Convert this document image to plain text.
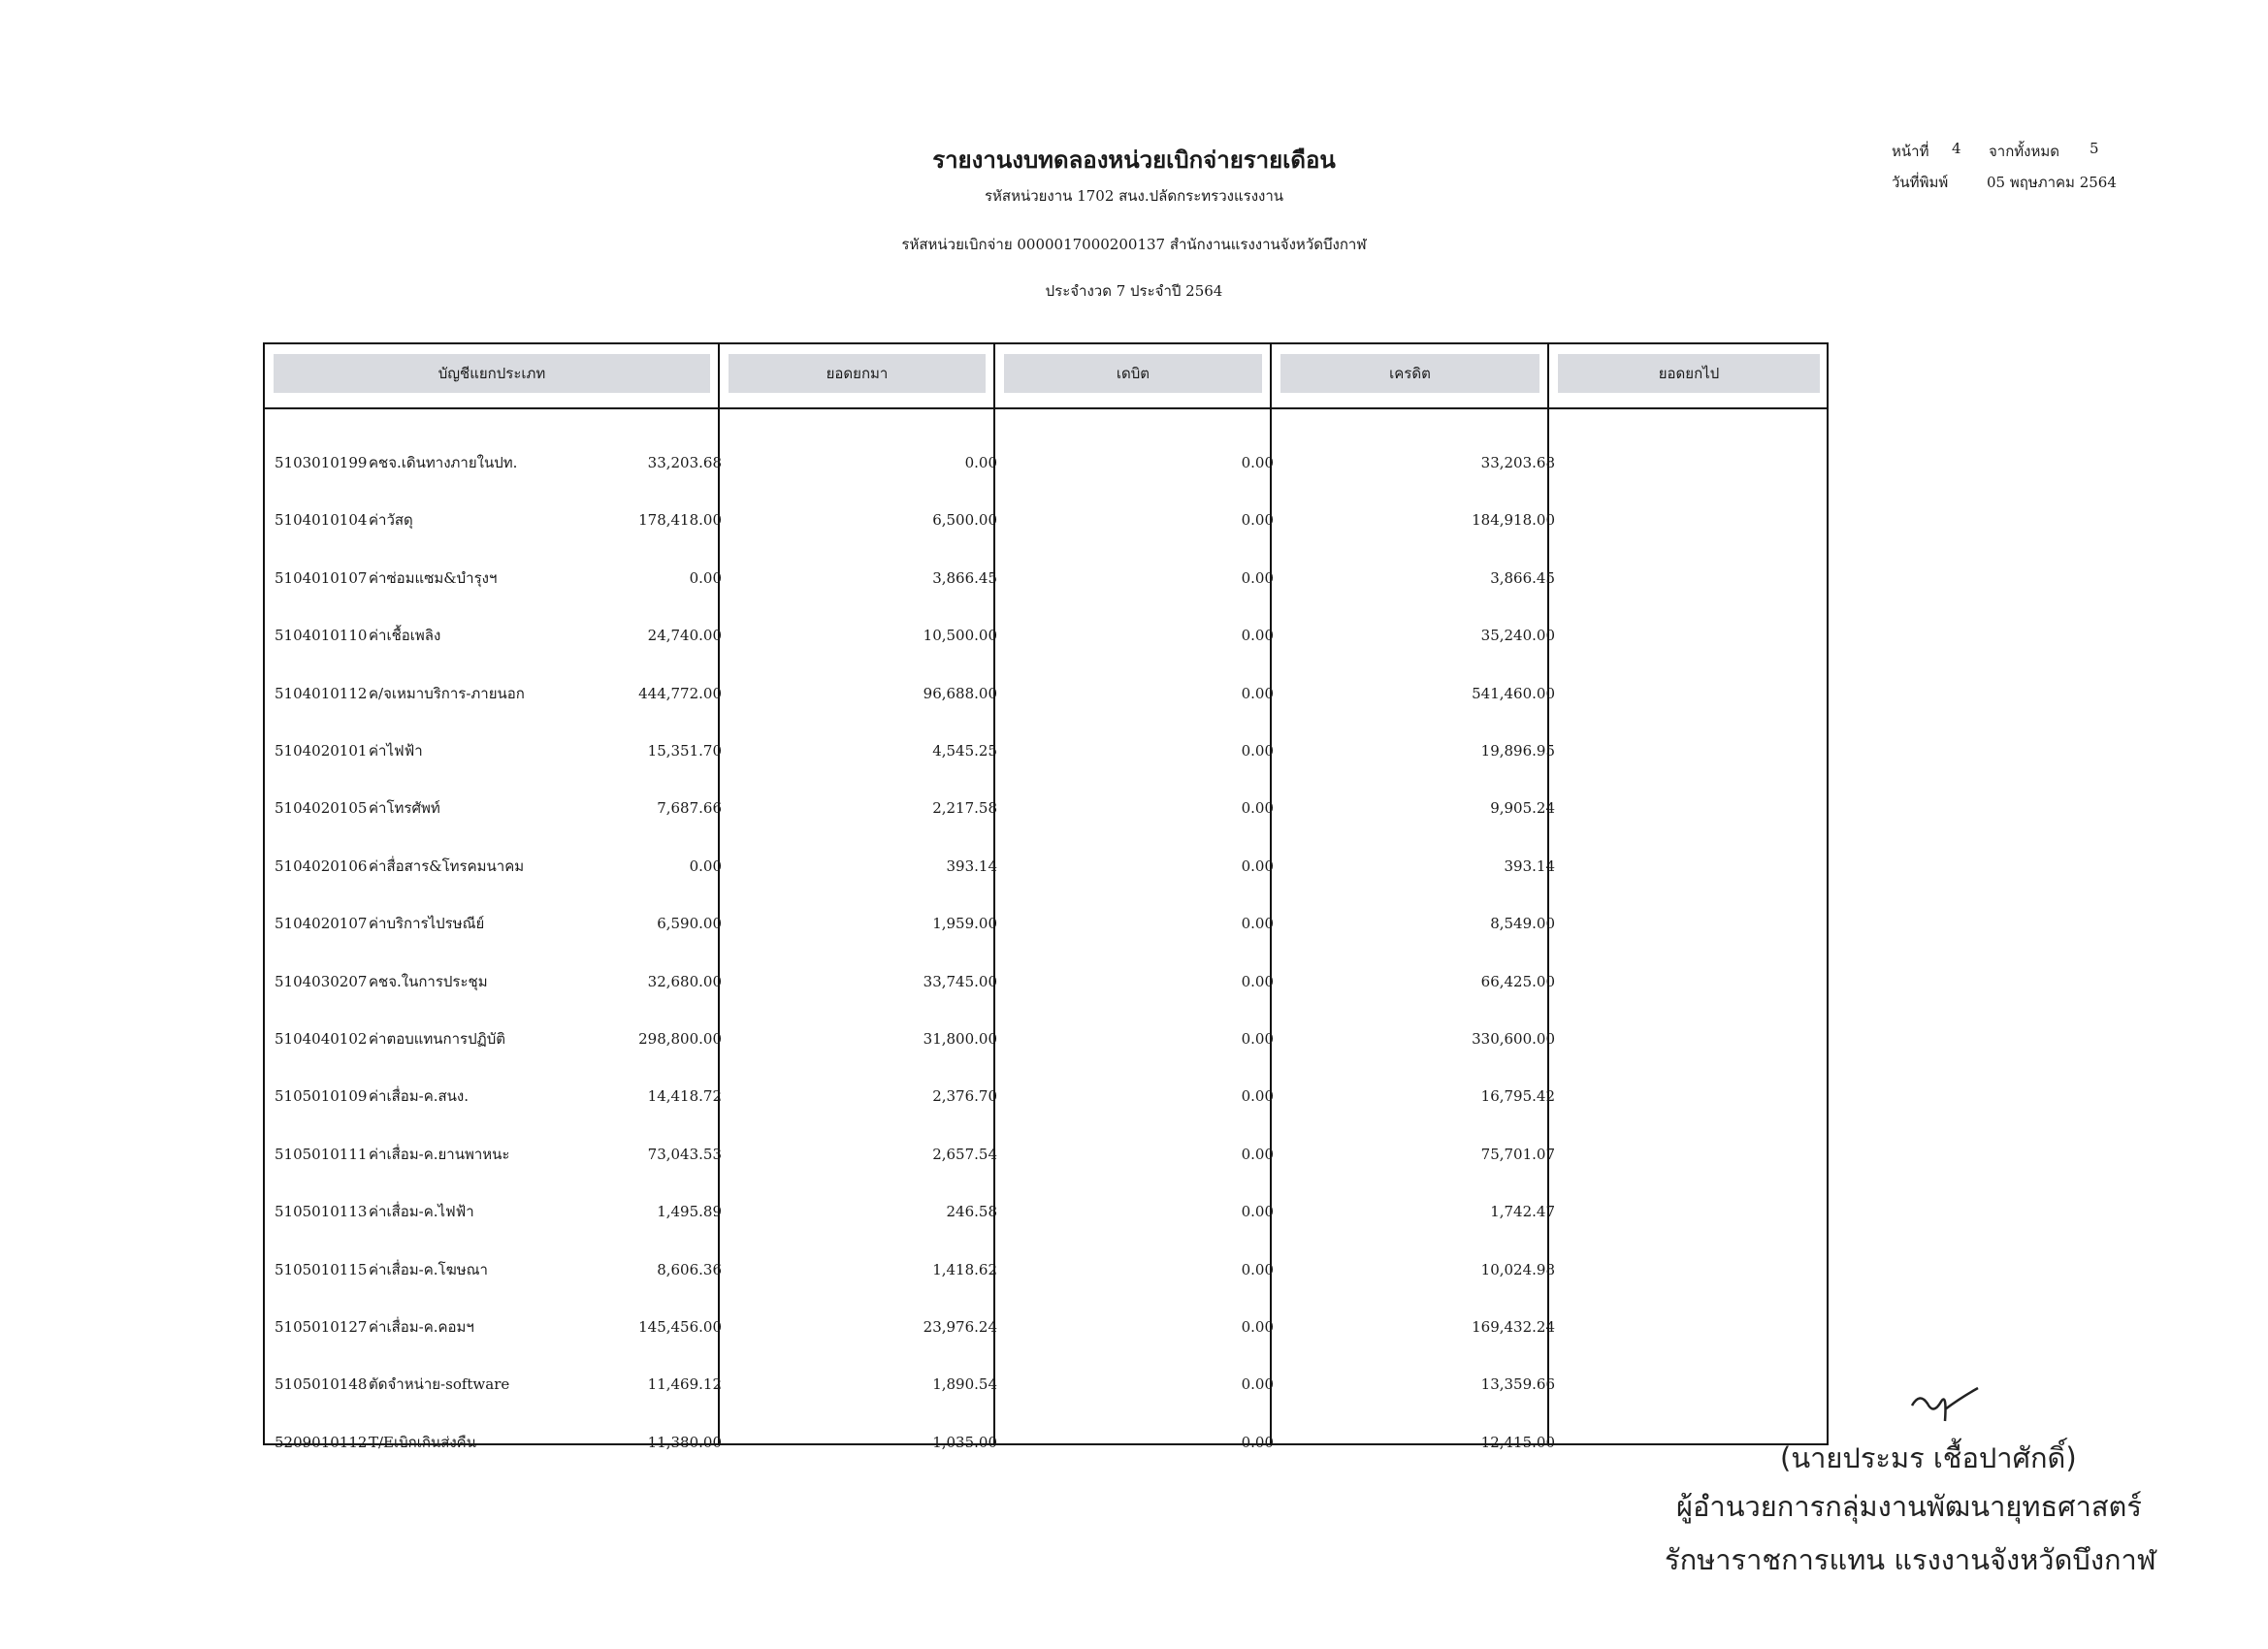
รายงานงบทดลองหน่วยเบิกจ่ายรายเดือน
รหัสหน่วยงาน 1702 สนง.ปลัดกระทรวงแรงงาน
รหัสหน่วยเบิกจ่าย 0000017000200137 สำนักงานแรงงานจังหวัดบึงกาฬ
ประจำงวด 7 ประจำปี 2564
หน้าที่ 4 จากทั้งหมด 5
วันที่พิมพ์	05 พฤษภาคม 2564
บัญชีแยกประเภท	ยอดยกมา	เดบิต	เครดิต	ยอดยกไป
5103010199 คชจ.เดินทางภายในปท.	33,203.68	0.00	0.00	33,203.68
5104010104 ค่าวัสดุ	178,418.00	6,500.00	0.00	184,918.00
5104010107 ค่าซ่อมแซม&บำรุงฯ	0.00	3,866.45	0.00	3,866.45
5104010110 ค่าเชื้อเพลิง	24,740.00	10,500.00	0.00	35,240.00
5104010112 ค/จเหมาบริการ-ภายนอก	444,772.00	96,688.00	0.00	541,460.00
5104020101 ค่าไฟฟ้า	15,351.70	4,545.25	0.00	19,896.95
5104020105 ค่าโทรศัพท์	7,687.66	2,217.58	0.00	9,905.24
5104020106 ค่าสื่อสาร&โทรคมนาคม	0.00	393.14	0.00	393.14
5104020107 ค่าบริการไปรษณีย์	6,590.00	1,959.00	0.00	8,549.00
5104030207 คชจ.ในการประชุม	32,680.00	33,745.00	0.00	66,425.00
5104040102 ค่าตอบแทนการปฏิบัติ	298,800.00	31,800.00	0.00	330,600.00
5105010109 ค่าเสื่อม-ค.สนง.	14,418.72	2,376.70	0.00	16,795.42
5105010111 ค่าเสื่อม-ค.ยานพาหนะ	73,043.53	2,657.54	0.00	75,701.07
5105010113 ค่าเสื่อม-ค.ไฟฟ้า	1,495.89	246.58	0.00	1,742.47
5105010115 ค่าเสื่อม-ค.โฆษณา	8,606.36	1,418.62	0.00	10,024.98
5105010127 ค่าเสื่อม-ค.คอมฯ	145,456.00	23,976.24	0.00	169,432.24
5105010148 ตัดจำหน่าย-software	11,469.12	1,890.54	0.00	13,359.66
5209010112 T/Eเบิกเกินส่งคืน	11,380.00	1,035.00	0.00	12,415.00	(นายประมร เชื้อปาศักดิ์)
ผู้อำนวยการกลุ่มงานพัฒนายุทธศาสตร์
รักษาราชการแทน แรงงานจังหวัดบึงกาฬ
